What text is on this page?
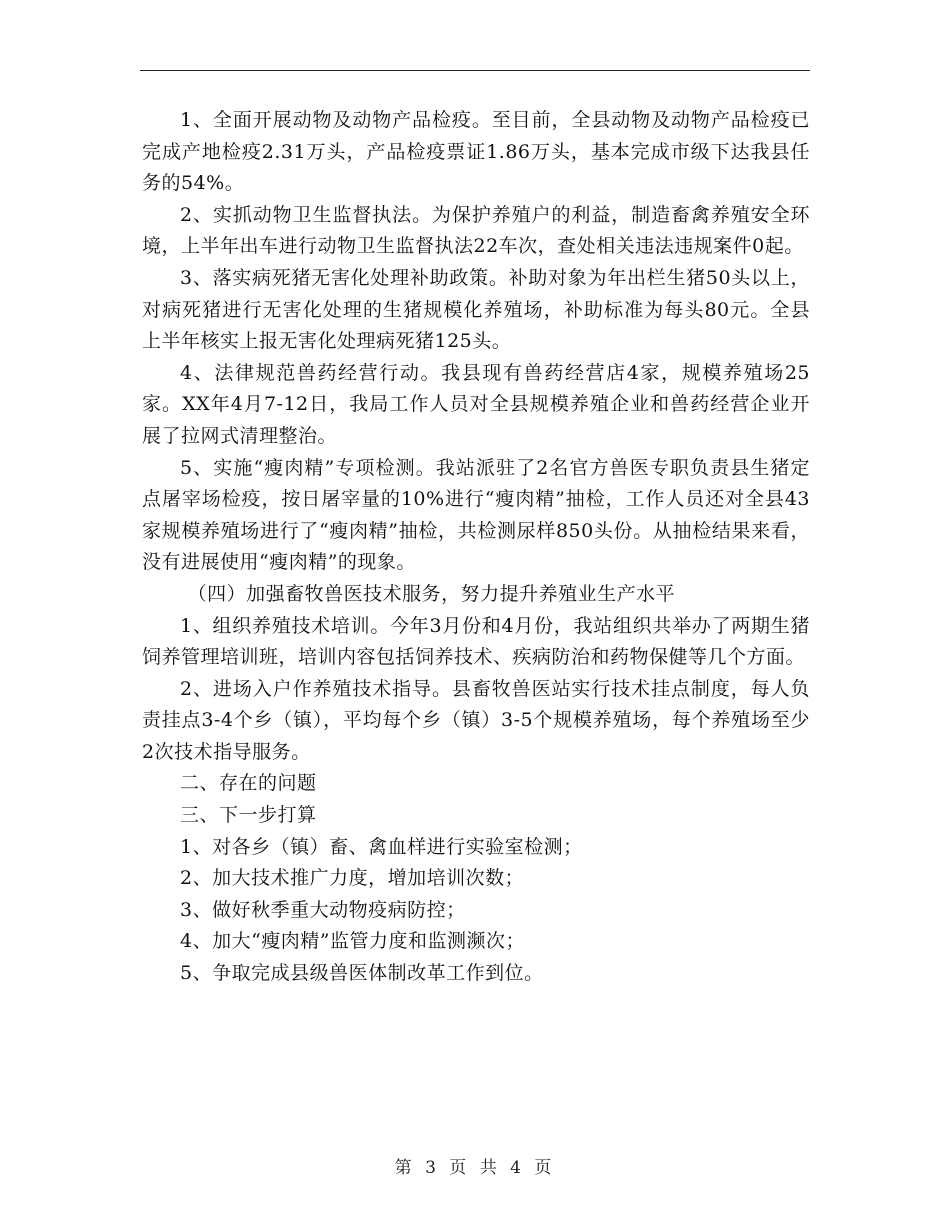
1、全面开展动物及动物产品检疫。至目前，全县动物及动物产品检疫已完成产地检疫2.31万头，产品检疫票证1.86万头，基本完成市级下达我县任务的54%。

2、实抓动物卫生监督执法。为保护养殖户的利益，制造畜禽养殖安全环境，上半年出车进行动物卫生监督执法22车次，查处相关违法违规案件0起。

3、落实病死猪无害化处理补助政策。补助对象为年出栏生猪50头以上，对病死猪进行无害化处理的生猪规模化养殖场，补助标准为每头80元。全县上半年核实上报无害化处理病死猪125头。

4、法律规范兽药经营行动。我县现有兽药经营店4家，规模养殖场25家。XX年4月7-12日，我局工作人员对全县规模养殖企业和兽药经营企业开展了拉网式清理整治。

5、实施“瘦肉精”专项检测。我站派驻了2名官方兽医专职负责县生猪定点屠宰场检疫，按日屠宰量的10%进行“瘦肉精”抽检，工作人员还对全县43家规模养殖场进行了“瘦肉精”抽检，共检测尿样850头份。从抽检结果来看，没有进展使用“瘦肉精”的现象。

（四）加强畜牧兽医技术服务，努力提升养殖业生产水平

1、组织养殖技术培训。今年3月份和4月份，我站组织共举办了两期生猪饲养管理培训班，培训内容包括饲养技术、疾病防治和药物保健等几个方面。

2、进场入户作养殖技术指导。县畜牧兽医站实行技术挂点制度，每人负责挂点3-4个乡（镇），平均每个乡（镇）3-5个规模养殖场，每个养殖场至少2次技术指导服务。

二、存在的问题

三、下一步打算

1、对各乡（镇）畜、禽血样进行实验室检测；

2、加大技术推广力度，增加培训次数；

3、做好秋季重大动物疫病防控；

4、加大“瘦肉精”监管力度和监测濒次；

5、争取完成县级兽医体制改革工作到位。

第 3 页 共 4 页
